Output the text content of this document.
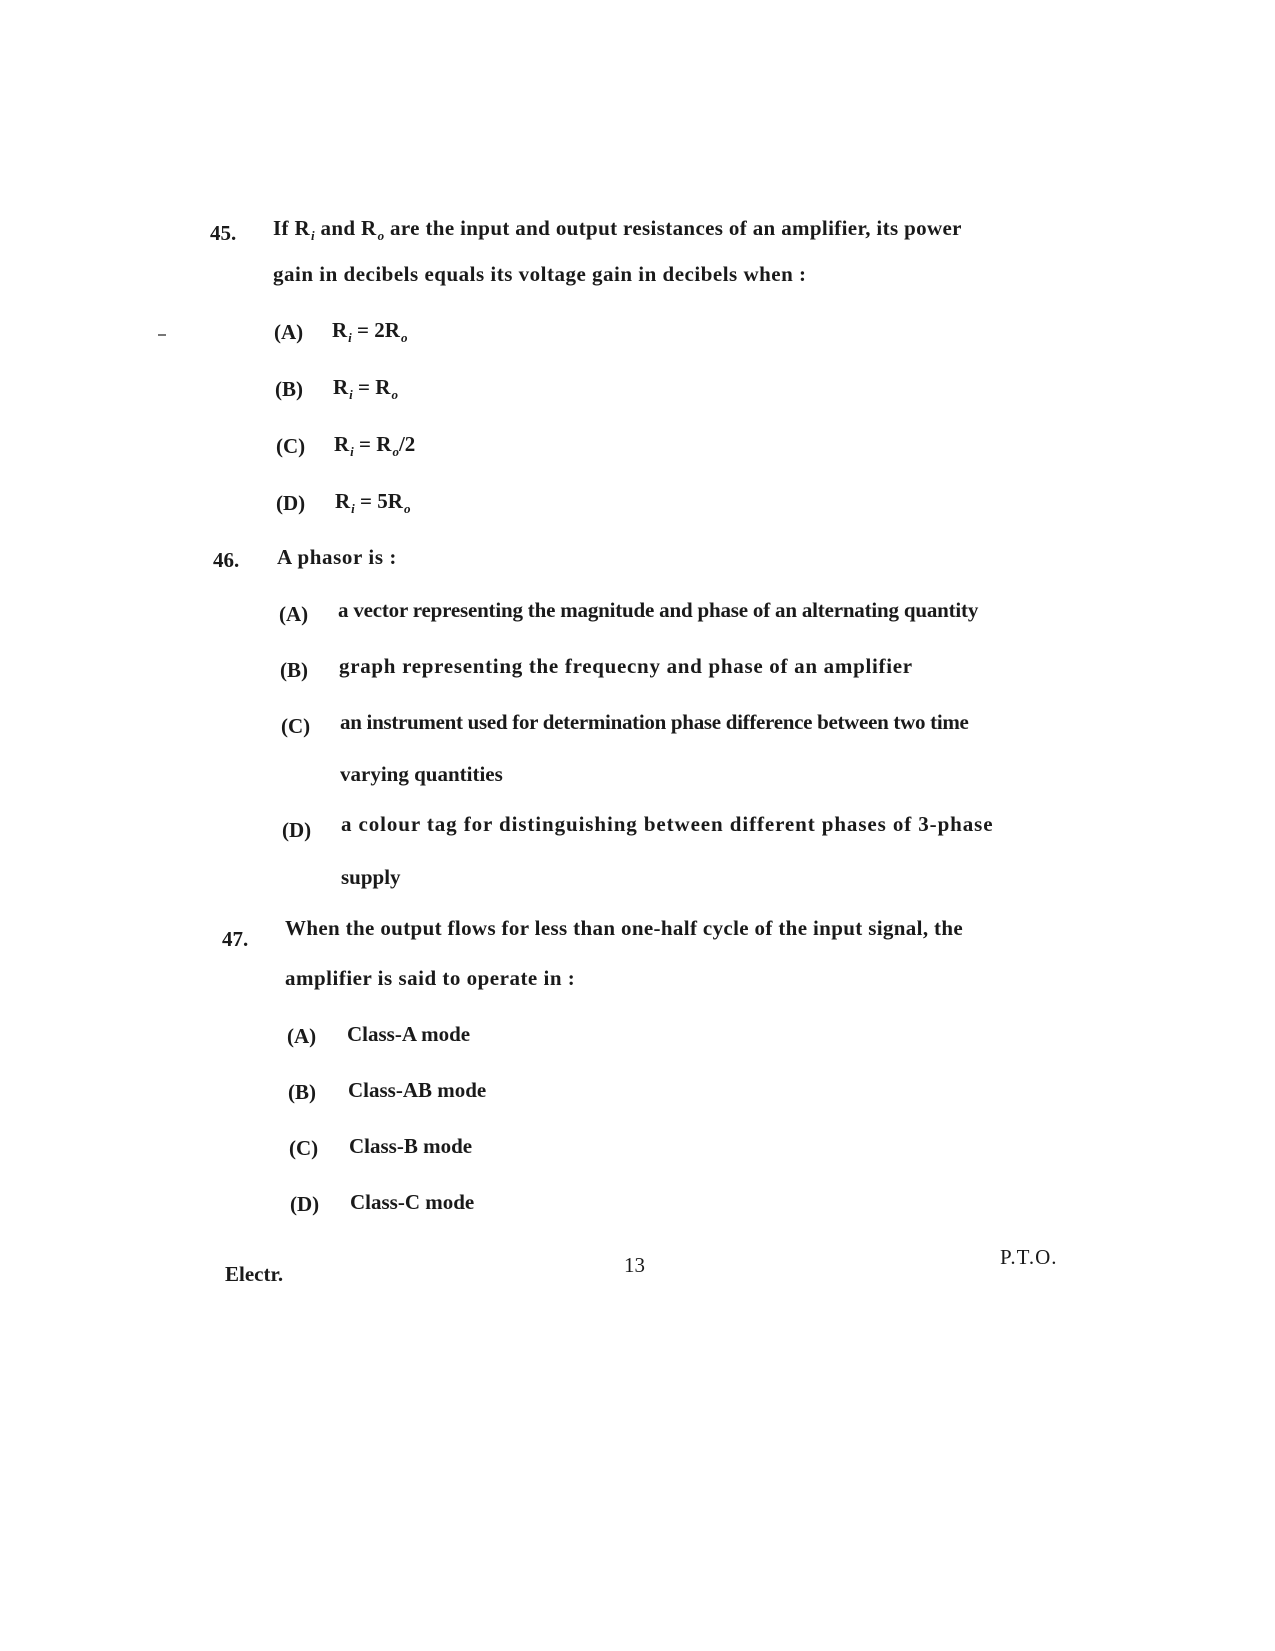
45. If $R_i$ and $R_o$ are the input and output resistances of an amplifier, its power
gain in decibels equals its voltage gain in decibels when :
(A) $R_i = 2R_o$
(B) $R_i = R_o$
(C) $R_i = R_o/2$
(D) $R_i = 5R_o$
46. A phasor is :
(A) a vector representing the magnitude and phase of an alternating quantity
(B) graph representing the frequecny and phase of an amplifier
(C) an instrument used for determination phase difference between two time
varying quantities
(D) a colour tag for distinguishing between different phases of 3-phase
supply
47. When the output flows for less than one-half cycle of the input signal, the
amplifier is said to operate in :
(A) Class-A mode
(B) Class-AB mode
(C) Class-B mode
(D) Class-C mode
Electr.	13	P.T.O.
